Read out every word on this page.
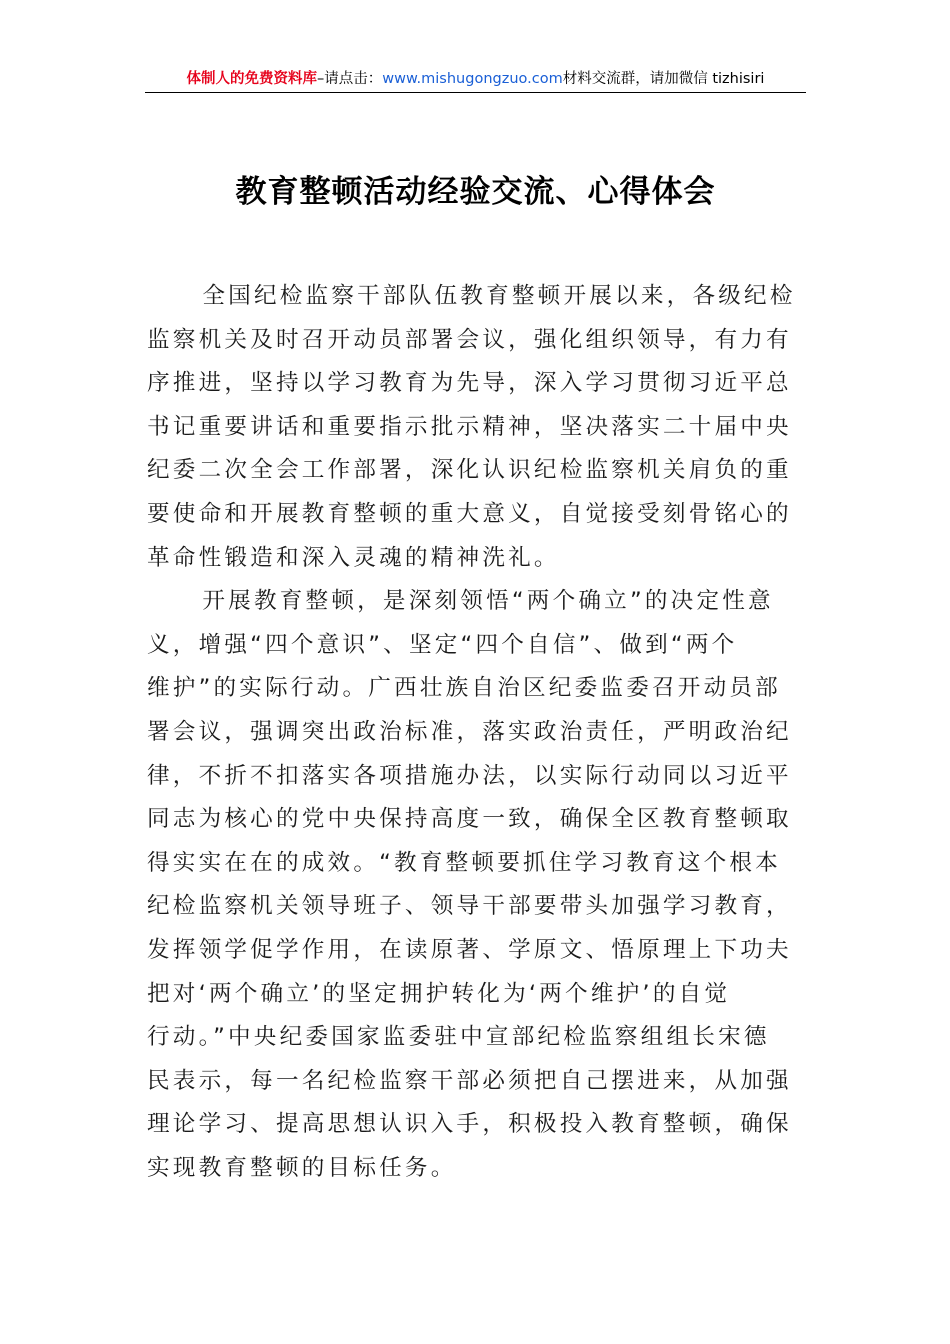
体制人的免费资料库–请点击：www.mishugongzuo.com材料交流群，请加微信 tizhisiri
教育整顿活动经验交流、心得体会

全国纪检监察干部队伍教育整顿开展以来，各级纪检
监察机关及时召开动员部署会议，强化组织领导，有力有
序推进，坚持以学习教育为先导，深入学习贯彻习近平总
书记重要讲话和重要指示批示精神，坚决落实二十届中央
纪委二次全会工作部署，深化认识纪检监察机关肩负的重
要使命和开展教育整顿的重大意义，自觉接受刻骨铭心的
革命性锻造和深入灵魂的精神洗礼。

开展教育整顿，是深刻领悟“两个确立”的决定性意
义，增强“四个意识”、坚定“四个自信”、做到“两个
维护”的实际行动。广西壮族自治区纪委监委召开动员部
署会议，强调突出政治标准，落实政治责任，严明政治纪
律，不折不扣落实各项措施办法，以实际行动同以习近平
同志为核心的党中央保持高度一致，确保全区教育整顿取
得实实在在的成效。“教育整顿要抓住学习教育这个根本
纪检监察机关领导班子、领导干部要带头加强学习教育，
发挥领学促学作用，在读原著、学原文、悟原理上下功夫
把对‘两个确立’的坚定拥护转化为‘两个维护’的自觉
行动。”中央纪委国家监委驻中宣部纪检监察组组长宋德
民表示，每一名纪检监察干部必须把自己摆进来，从加强
理论学习、提高思想认识入手，积极投入教育整顿，确保
实现教育整顿的目标任务。
